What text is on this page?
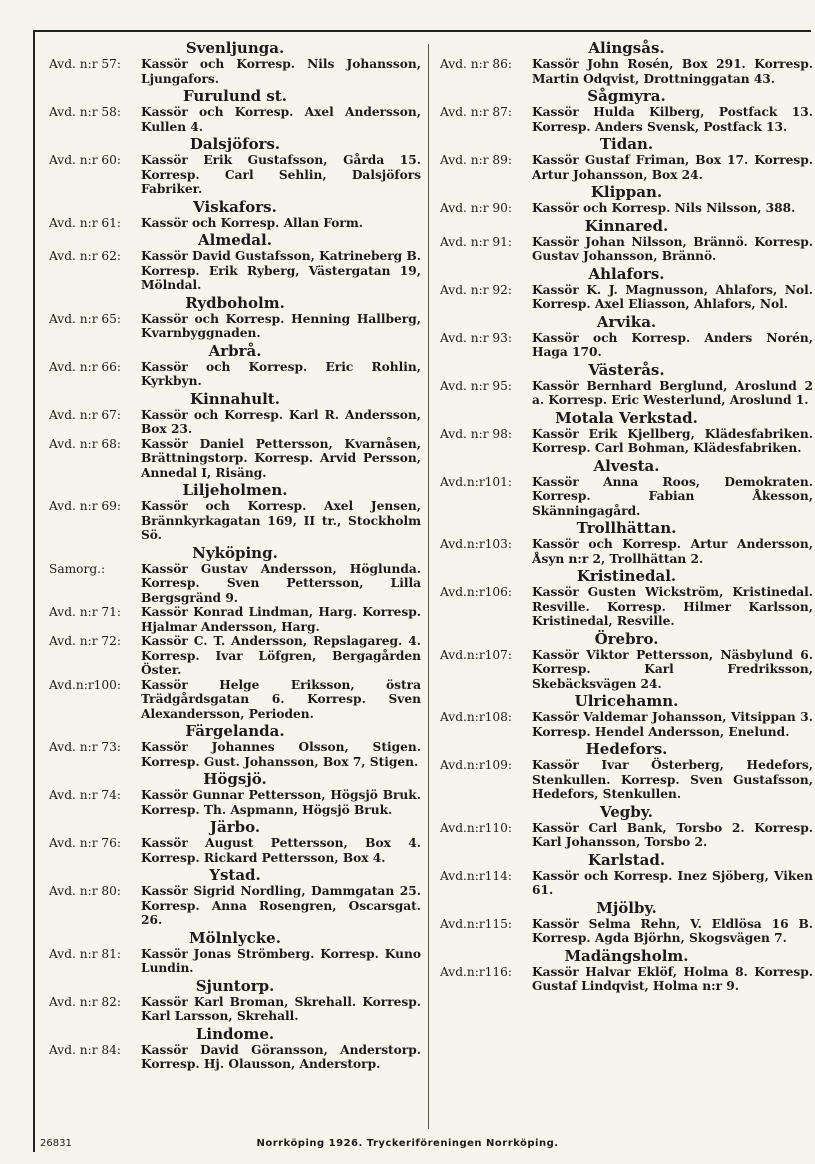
Svenljunga.
Avd. n:r 57:	Kassör och Korresp. Nils Johansson, Ljungafors.
Furulund st.
Avd. n:r 58:	Kassör och Korresp. Axel Andersson, Kullen 4.
Dalsjöfors.
Avd. n:r 60:	Kassör Erik Gustafsson, Gårda 15. Korresp. Carl Sehlin, Dalsjöfors Fabriker.
Viskafors.
Avd. n:r 61:	Kassör och Korresp. Allan Form.
Almedal.
Avd. n:r 62:	Kassör David Gustafsson, Katrineberg B. Korresp. Erik Ryberg, Västergatan 19, Mölndal.
Rydboholm.
Avd. n:r 65:	Kassör och Korresp. Henning Hallberg, Kvarnbyggnaden.
Arbrå.
Avd. n:r 66:	Kassör och Korresp. Eric Rohlin, Kyrkbyn.
Kinnahult.
Avd. n:r 67:	Kassör och Korresp. Karl R. Andersson, Box 23.
Avd. n:r 68:	Kassör Daniel Pettersson, Kvarnåsen, Brättningstorp. Korresp. Arvid Persson, Annedal I, Risäng.
Liljeholmen.
Avd. n:r 69:	Kassör och Korresp. Axel Jensen, Brännkyrkagatan 169, II tr., Stockholm Sö.
Nyköping.
Samorg.:	Kassör Gustav Andersson, Höglunda. Korresp. Sven Pettersson, Lilla Bergsgränd 9.
Avd. n:r 71:	Kassör Konrad Lindman, Harg. Korresp. Hjalmar Andersson, Harg.
Avd. n:r 72:	Kassör C. T. Andersson, Repslagareg. 4. Korresp. Ivar Löfgren, Bergagården Öster.
Avd.n:r100:	Kassör Helge Eriksson, östra Trädgårdsgatan 6. Korresp. Sven Alexandersson, Perioden.
Färgelanda.
Avd. n:r 73:	Kassör Johannes Olsson, Stigen. Korresp. Gust. Johansson, Box 7, Stigen.
Högsjö.
Avd. n:r 74:	Kassör Gunnar Pettersson, Högsjö Bruk. Korresp. Th. Aspmann, Högsjö Bruk.
Järbo.
Avd. n:r 76:	Kassör August Pettersson, Box 4. Korresp. Rickard Pettersson, Box 4.
Ystad.
Avd. n:r 80:	Kassör Sigrid Nordling, Dammgatan 25. Korresp. Anna Rosengren, Oscarsgat. 26.
Mölnlycke.
Avd. n:r 81:	Kassör Jonas Strömberg. Korresp. Kuno Lundin.
Sjuntorp.
Avd. n:r 82:	Kassör Karl Broman, Skrehall. Korresp. Karl Larsson, Skrehall.
Lindome.
Avd. n:r 84:	Kassör David Göransson, Anderstorp. Korresp. Hj. Olausson, Anderstorp.
Alingsås.
Avd. n:r 86:	Kassör John Rosén, Box 291. Korresp. Martin Odqvist, Drottninggatan 43.
Sågmyra.
Avd. n:r 87:	Kassör Hulda Kilberg, Postfack 13. Korresp. Anders Svensk, Postfack 13.
Tidan.
Avd. n:r 89:	Kassör Gustaf Friman, Box 17. Korresp. Artur Johansson, Box 24.
Klippan.
Avd. n:r 90:	Kassör och Korresp. Nils Nilsson, 388.
Kinnared.
Avd. n:r 91:	Kassör Johan Nilsson, Brännö. Korresp. Gustav Johansson, Brännö.
Ahlafors.
Avd. n:r 92:	Kassör K. J. Magnusson, Ahlafors, Nol. Korresp. Axel Eliasson, Ahlafors, Nol.
Arvika.
Avd. n:r 93:	Kassör och Korresp. Anders Norén, Haga 170.
Västerås.
Avd. n:r 95:	Kassör Bernhard Berglund, Aroslund 2 a. Korresp. Eric Westerlund, Aroslund 1.
Motala Verkstad.
Avd. n:r 98:	Kassör Erik Kjellberg, Klädesfabriken. Korresp. Carl Bohman, Klädesfabriken.
Alvesta.
Avd.n:r101:	Kassör Anna Roos, Demokraten. Korresp. Fabian Åkesson, Skänningagård.
Trollhättan.
Avd.n:r103:	Kassör och Korresp. Artur Andersson, Åsyn n:r 2, Trollhättan 2.
Kristinedal.
Avd.n:r106:	Kassör Gusten Wickström, Kristinedal. Resville. Korresp. Hilmer Karlsson, Kristinedal, Resville.
Örebro.
Avd.n:r107:	Kassör Viktor Pettersson, Näsbylund 6. Korresp. Karl Fredriksson, Skebäcksvägen 24.
Ulricehamn.
Avd.n:r108:	Kassör Valdemar Johansson, Vitsippan 3. Korresp. Hendel Andersson, Enelund.
Hedefors.
Avd.n:r109:	Kassör Ivar Österberg, Hedefors, Stenkullen. Korresp. Sven Gustafsson, Hedefors, Stenkullen.
Vegby.
Avd.n:r110:	Kassör Carl Bank, Torsbo 2. Korresp. Karl Johansson, Torsbo 2.
Karlstad.
Avd.n:r114:	Kassör och Korresp. Inez Sjöberg, Viken 61.
Mjölby.
Avd.n:r115:	Kassör Selma Rehn, V. Eldlösa 16 B. Korresp. Agda Björhn, Skogsvägen 7.
Madängsholm.
Avd.n:r116:	Kassör Halvar Eklöf, Holma 8. Korresp. Gustaf Lindqvist, Holma n:r 9.
26831	Norrköping 1926. Tryckeriföreningen Norrköping.
